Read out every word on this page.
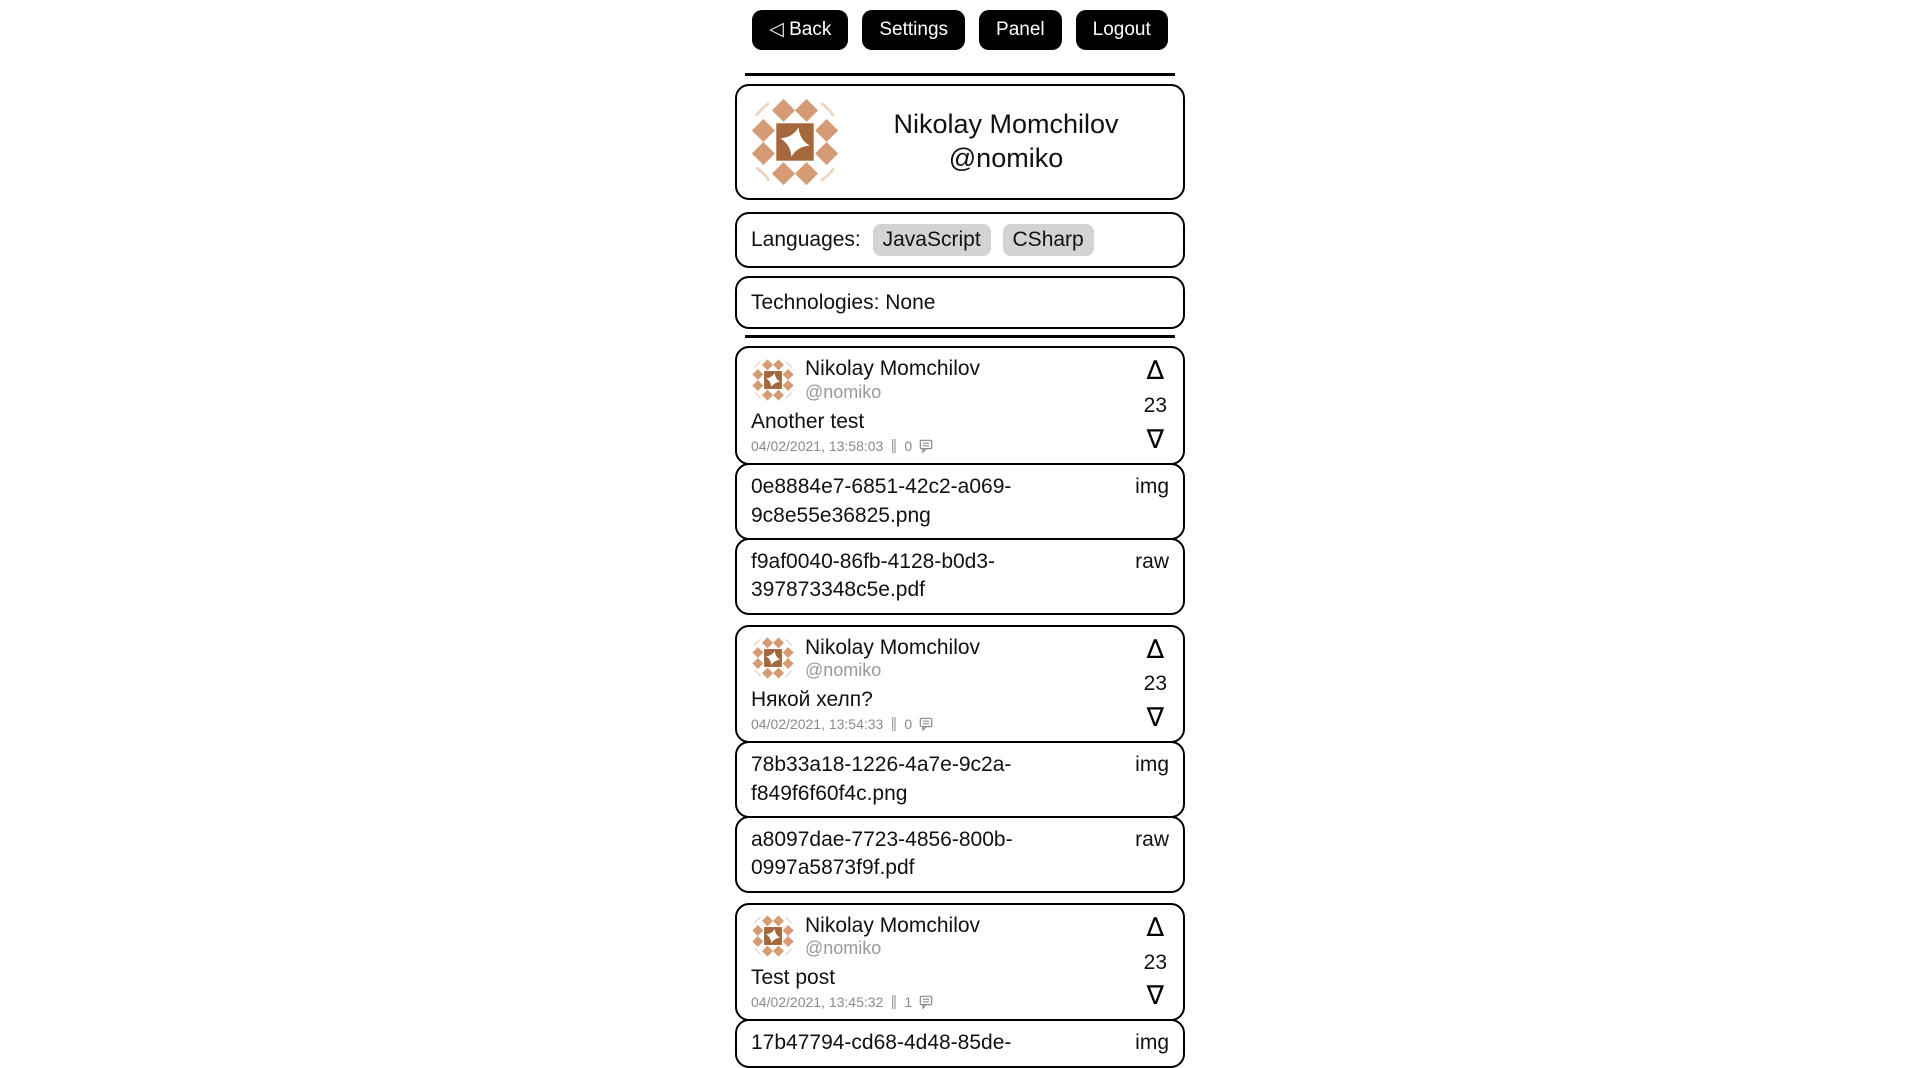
◁ Back	Settings	Panel	Logout
Nikolay Momchilov
@nomiko
Languages: JavaScript CSharp
Technologies: None
Nikolay Momchilov
@nomiko
Another test
04/02/2021, 13:58:03 ‖ 0
∆
23
∇
0e8884e7-6851-42c2-a069-9c8e55e36825.png
img
f9af0040-86fb-4128-b0d3-397873348c5e.pdf
raw
Nikolay Momchilov
@nomiko
Някой хелп?
04/02/2021, 13:54:33 ‖ 0
∆
23
∇
78b33a18-1226-4a7e-9c2a-f849f6f60f4c.png
img
a8097dae-7723-4856-800b-0997a5873f9f.pdf
raw
Nikolay Momchilov
@nomiko
Test post
04/02/2021, 13:45:32 ‖ 1
∆
23
∇
17b47794-cd68-4d48-85de-	img
